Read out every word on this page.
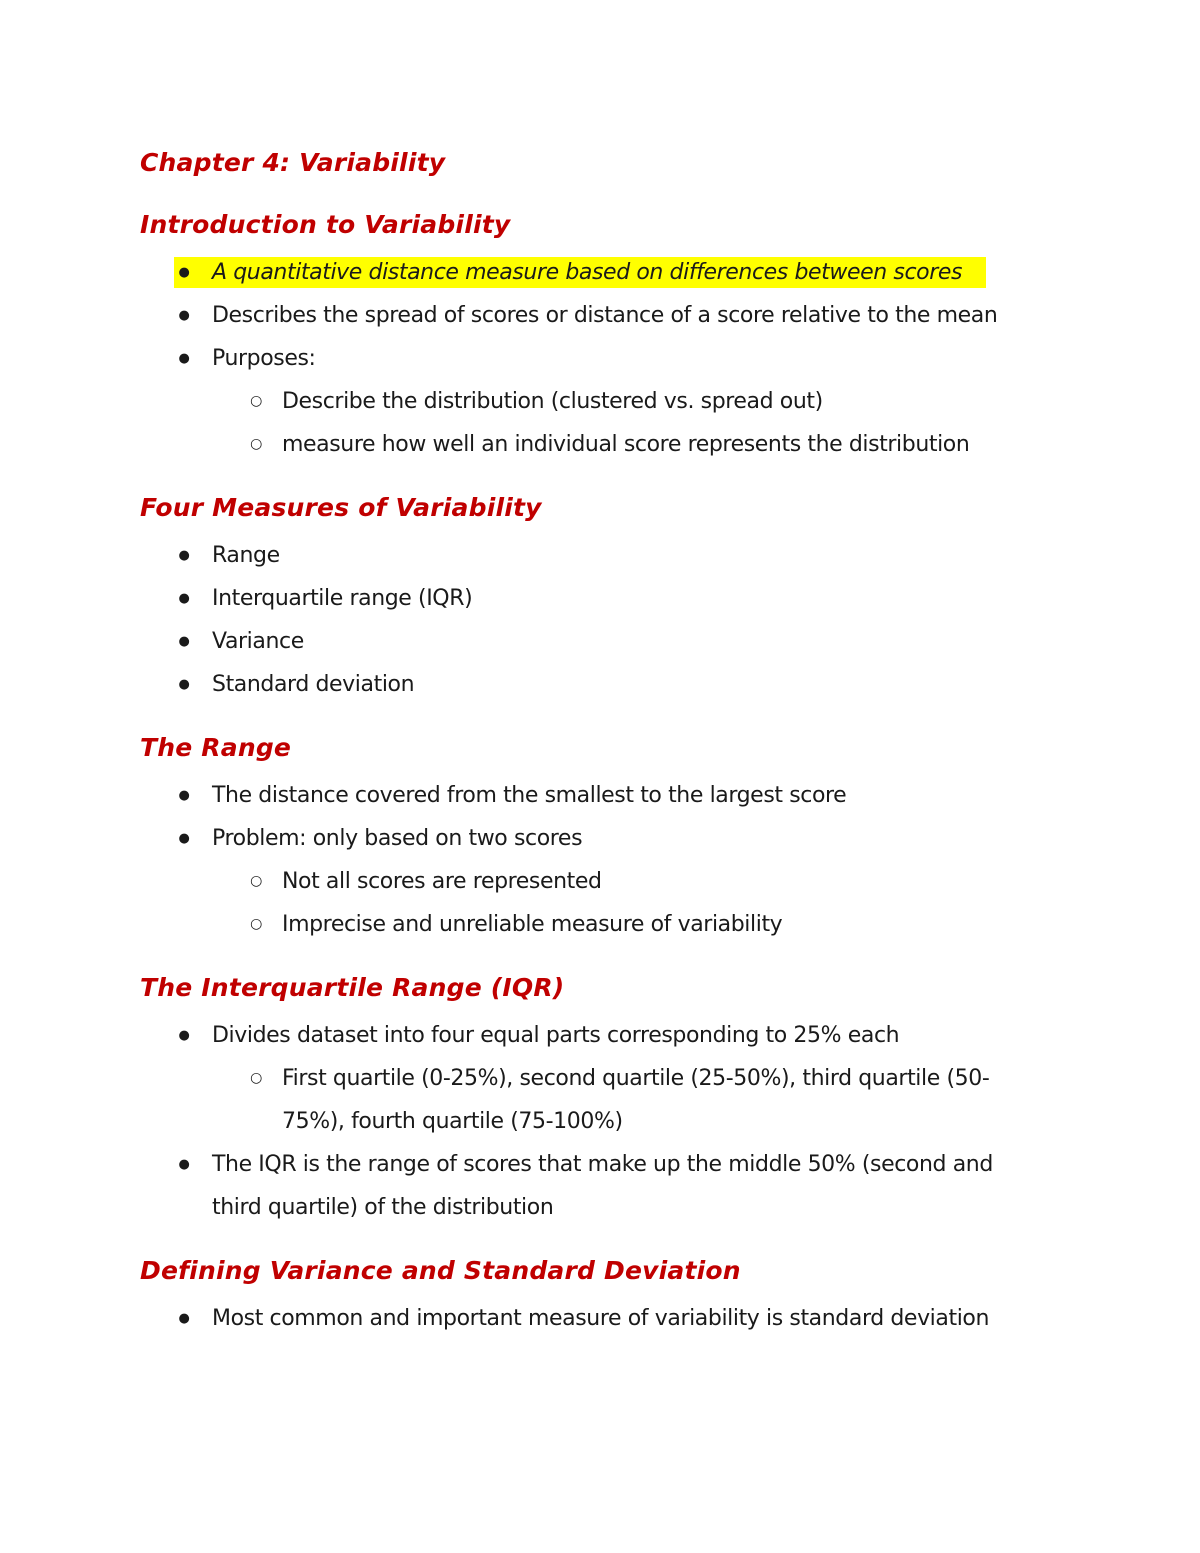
Chapter 4: Variability
Introduction to Variability
● A quantitative distance measure based on differences between scores
● Describes the spread of scores or distance of a score relative to the mean
● Purposes:
○ Describe the distribution (clustered vs. spread out)
○ measure how well an individual score represents the distribution
Four Measures of Variability
● Range
● Interquartile range (IQR)
● Variance
● Standard deviation
The Range
● The distance covered from the smallest to the largest score
● Problem: only based on two scores
○ Not all scores are represented
○ Imprecise and unreliable measure of variability
The Interquartile Range (IQR)
● Divides dataset into four equal parts corresponding to 25% each
○ First quartile (0-25%), second quartile (25-50%), third quartile (50-
75%), fourth quartile (75-100%)
● The IQR is the range of scores that make up the middle 50% (second and
third quartile) of the distribution
Defining Variance and Standard Deviation
● Most common and important measure of variability is standard deviation
